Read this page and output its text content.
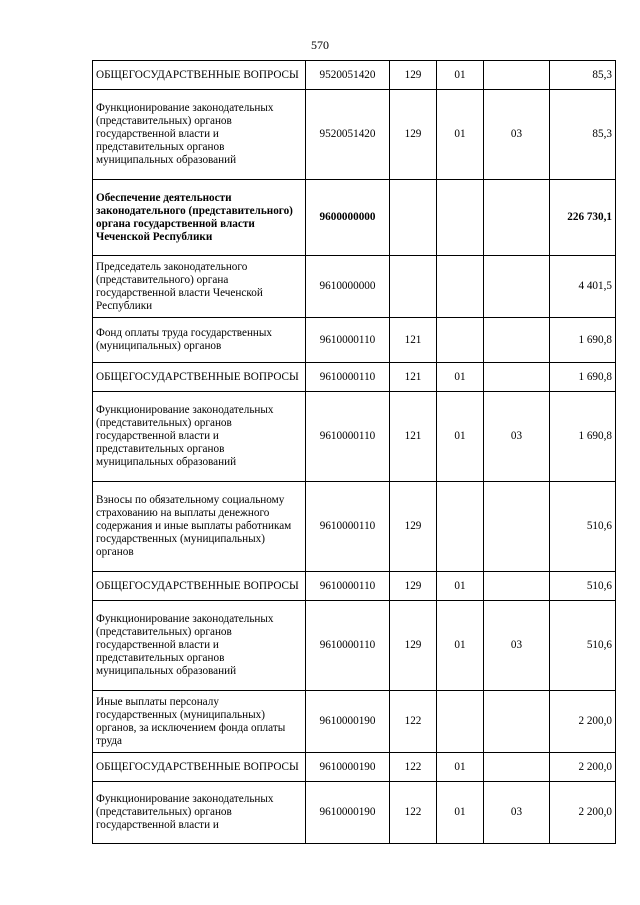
570
ОБЩЕГОСУДАРСТВЕННЫЕ ВОПРОСЫ	9520051420	129	01		85,3
Функционирование законодательных (представительных) органов государственной власти и представительных органов муниципальных образований	9520051420	129	01	03	85,3
Обеспечение деятельности законодательного (представительного) органа государственной власти Чеченской Республики	9600000000				226 730,1
Председатель законодательного (представительного) органа государственной власти Чеченской Республики	9610000000				4 401,5
Фонд оплаты труда государственных (муниципальных) органов	9610000110	121			1 690,8
ОБЩЕГОСУДАРСТВЕННЫЕ ВОПРОСЫ	9610000110	121	01		1 690,8
Функционирование законодательных (представительных) органов государственной власти и представительных органов муниципальных образований	9610000110	121	01	03	1 690,8
Взносы по обязательному социальному страхованию на выплаты денежного содержания и иные выплаты работникам государственных (муниципальных) органов	9610000110	129			510,6
ОБЩЕГОСУДАРСТВЕННЫЕ ВОПРОСЫ	9610000110	129	01		510,6
Функционирование законодательных (представительных) органов государственной власти и представительных органов муниципальных образований	9610000110	129	01	03	510,6
Иные выплаты персоналу государственных (муниципальных) органов, за исключением фонда оплаты труда	9610000190	122			2 200,0
ОБЩЕГОСУДАРСТВЕННЫЕ ВОПРОСЫ	9610000190	122	01		2 200,0
Функционирование законодательных (представительных) органов государственной власти и	9610000190	122	01	03	2 200,0
